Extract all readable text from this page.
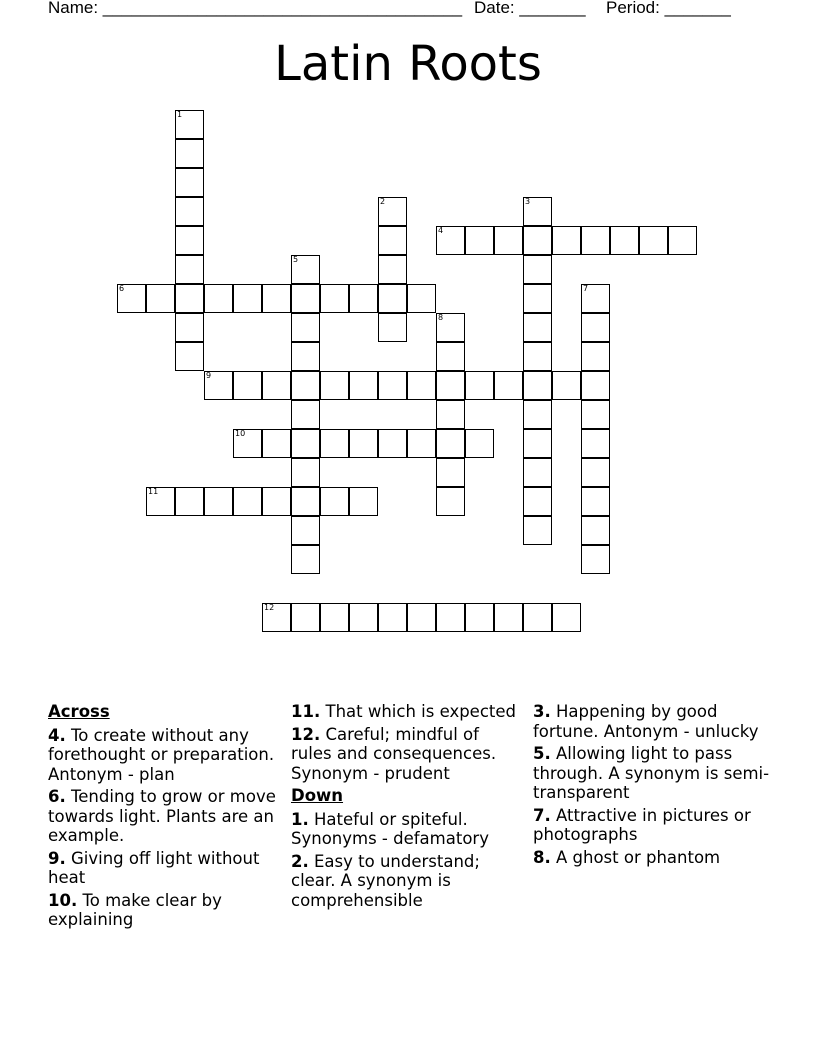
Name: ______________________________________ Date: _______ Period: _______
Latin Roots
1
2	3
4
5
6	7
8
9
10
11
12
Across
4. To create without any forethought or preparation. Antonym - plan
6. Tending to grow or move towards light. Plants are an example.
9. Giving off light without heat
10. To make clear by explaining
11. That which is expected
12. Careful; mindful of rules and consequences. Synonym - prudent
Down
1. Hateful or spiteful. Synonyms - defamatory
2. Easy to understand; clear. A synonym is comprehensible
3. Happening by good fortune. Antonym - unlucky
5. Allowing light to pass through. A synonym is semi-transparent
7. Attractive in pictures or photographs
8. A ghost or phantom
